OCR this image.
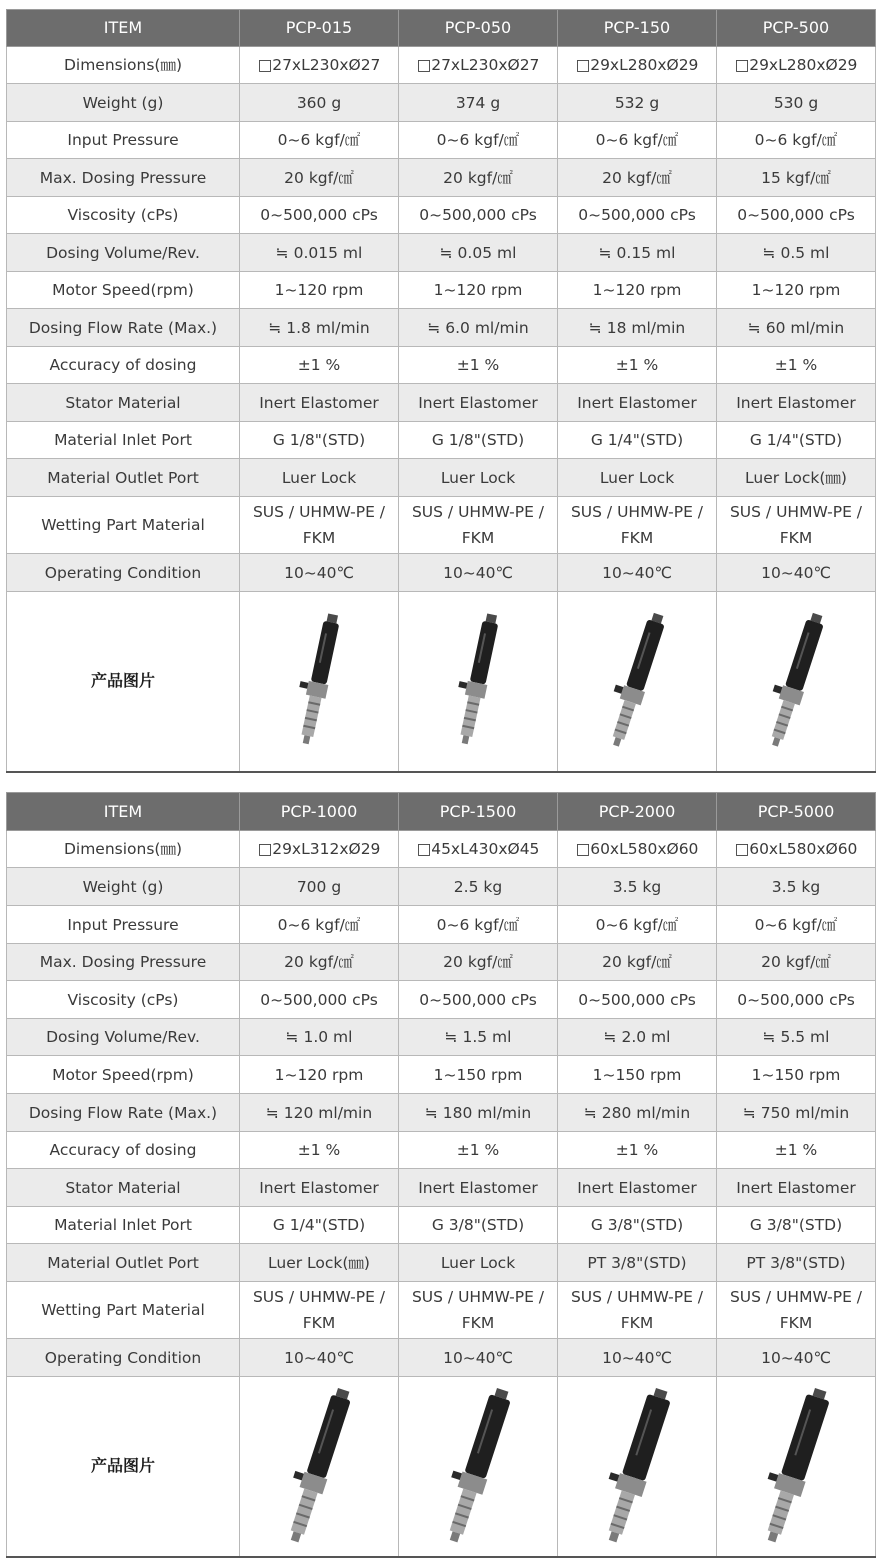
ITEM	PCP-015	PCP-050	PCP-150	PCP-500
Dimensions(㎜)	□27xL230xØ27	□27xL230xØ27	□29xL280xØ29	□29xL280xØ29
Weight (g)	360 g	374 g	532 g	530 g
Input Pressure	0~6 kgf/㎠	0~6 kgf/㎠	0~6 kgf/㎠	0~6 kgf/㎠
Max. Dosing Pressure	20 kgf/㎠	20 kgf/㎠	20 kgf/㎠	15 kgf/㎠
Viscosity (cPs)	0~500,000 cPs	0~500,000 cPs	0~500,000 cPs	0~500,000 cPs
Dosing Volume/Rev.	≒ 0.015 ml	≒ 0.05 ml	≒ 0.15 ml	≒ 0.5 ml
Motor Speed(rpm)	1~120 rpm	1~120 rpm	1~120 rpm	1~120 rpm
Dosing Flow Rate (Max.)	≒ 1.8 ml/min	≒ 6.0 ml/min	≒ 18 ml/min	≒ 60 ml/min
Accuracy of dosing	±1 %	±1 %	±1 %	±1 %
Stator Material	Inert Elastomer	Inert Elastomer	Inert Elastomer	Inert Elastomer
Material Inlet Port	G 1/8"(STD)	G 1/8"(STD)	G 1/4"(STD)	G 1/4"(STD)
Material Outlet Port	Luer Lock	Luer Lock	Luer Lock	Luer Lock(㎜)
Wetting Part Material	SUS / UHMW-PE / FKM	SUS / UHMW-PE / FKM	SUS / UHMW-PE / FKM	SUS / UHMW-PE / FKM
Operating Condition	10~40℃	10~40℃	10~40℃	10~40℃
产品图片	

ITEM	PCP-1000	PCP-1500	PCP-2000	PCP-5000
Dimensions(㎜)	□29xL312xØ29	□45xL430xØ45	□60xL580xØ60	□60xL580xØ60
Weight (g)	700 g	2.5 kg	3.5 kg	3.5 kg
Input Pressure	0~6 kgf/㎠	0~6 kgf/㎠	0~6 kgf/㎠	0~6 kgf/㎠
Max. Dosing Pressure	20 kgf/㎠	20 kgf/㎠	20 kgf/㎠	20 kgf/㎠
Viscosity (cPs)	0~500,000 cPs	0~500,000 cPs	0~500,000 cPs	0~500,000 cPs
Dosing Volume/Rev.	≒ 1.0 ml	≒ 1.5 ml	≒ 2.0 ml	≒ 5.5 ml
Motor Speed(rpm)	1~120 rpm	1~150 rpm	1~150 rpm	1~150 rpm
Dosing Flow Rate (Max.)	≒ 120 ml/min	≒ 180 ml/min	≒ 280 ml/min	≒ 750 ml/min
Accuracy of dosing	±1 %	±1 %	±1 %	±1 %
Stator Material	Inert Elastomer	Inert Elastomer	Inert Elastomer	Inert Elastomer
Material Inlet Port	G 1/4"(STD)	G 3/8"(STD)	G 3/8"(STD)	G 3/8"(STD)
Material Outlet Port	Luer Lock(㎜)	Luer Lock	PT 3/8"(STD)	PT 3/8"(STD)
Wetting Part Material	SUS / UHMW-PE / FKM	SUS / UHMW-PE / FKM	SUS / UHMW-PE / FKM	SUS / UHMW-PE / FKM
Operating Condition	10~40℃	10~40℃	10~40℃	10~40℃
产品图片	
